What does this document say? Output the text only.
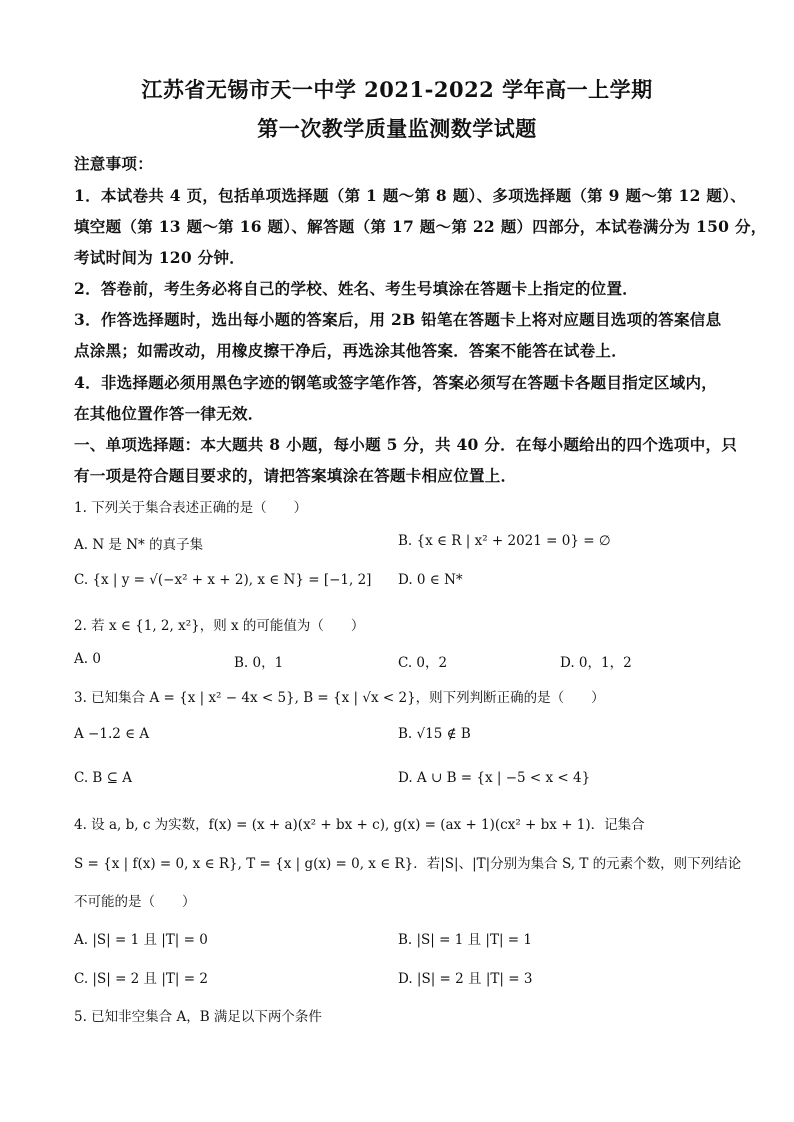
江苏省无锡市天一中学 2021-2022 学年高一上学期
第一次教学质量监测数学试题
注意事项：
1．本试卷共 4 页，包括单项选择题（第 1 题～第 8 题）、多项选择题（第 9 题～第 12 题）、
填空题（第 13 题～第 16 题）、解答题（第 17 题～第 22 题）四部分，本试卷满分为 150 分，
考试时间为 120 分钟．
2．答卷前，考生务必将自己的学校、姓名、考生号填涂在答题卡上指定的位置．
3．作答选择题时，选出每小题的答案后，用 2B 铅笔在答题卡上将对应题目选项的答案信息
点涂黑；如需改动，用橡皮擦干净后，再选涂其他答案．答案不能答在试卷上．
4．非选择题必须用黑色字迹的钢笔或签字笔作答，答案必须写在答题卡各题目指定区域内，
在其他位置作答一律无效．
一、单项选择题：本大题共 8 小题，每小题 5 分，共 40 分．在每小题给出的四个选项中，只
有一项是符合题目要求的，请把答案填涂在答题卡相应位置上．
1. 下列关于集合表述正确的是（　　）
A. N 是 N* 的真子集	B. {x ∈ R | x² + 2021 = 0} = ∅
C. {x | y = √(−x² + x + 2), x ∈ N} = [−1, 2] D. 0 ∈ N*
2. 若 x ∈ {1, 2, x²}，则 x 的可能值为（　　）
A. 0	B. 0，1	C. 0，2	D. 0，1，2
3. 已知集合 A = {x | x² − 4x < 5}, B = {x | √x < 2}，则下列判断正确的是（　　）
A −1.2 ∈ A	B. √15 ∉ B
C. B ⊆ A	D. A ∪ B = {x | −5 < x < 4}
4. 设 a, b, c 为实数，f(x) = (x + a)(x² + bx + c), g(x) = (ax + 1)(cx² + bx + 1)．记集合
S = {x | f(x) = 0, x ∈ R}, T = {x | g(x) = 0, x ∈ R}．若|S|、|T|分别为集合 S, T 的元素个数，则下列结论
不可能的是（　　）
A. |S| = 1 且 |T| = 0	B. |S| = 1 且 |T| = 1
C. |S| = 2 且 |T| = 2	D. |S| = 2 且 |T| = 3
5. 已知非空集合 A，B 满足以下两个条件
